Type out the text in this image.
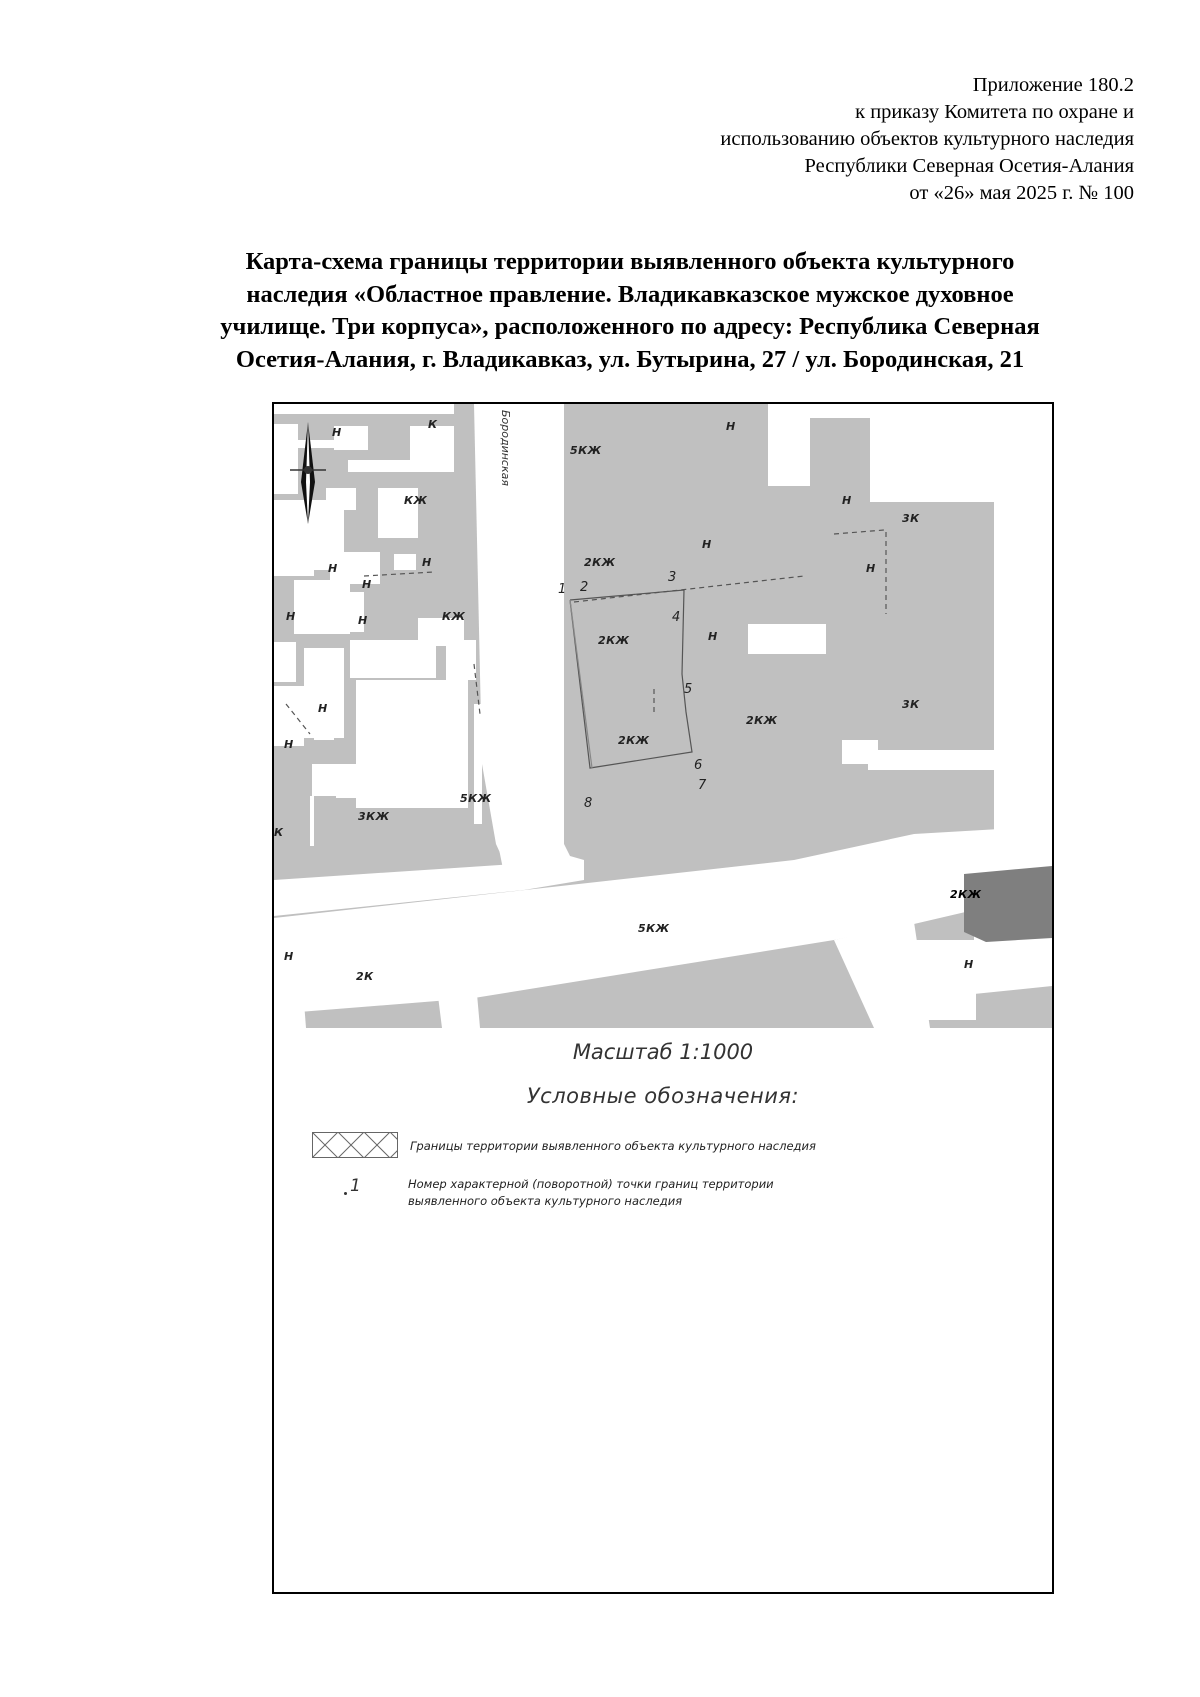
Приложение 180.2
к приказу Комитета по охране и
использованию объектов культурного наследия
Республики Северная Осетия-Алания
от «26» мая 2025 г. № 100
Карта-схема границы территории выявленного объекта культурного
наследия «Областное правление. Владикавказское мужское духовное
училище. Три корпуса», расположенного по адресу: Республика Северная
Осетия-Алания, г. Владикавказ, ул. Бутырина, 27 / ул. Бородинская, 21
Бородинская
Н
К
КЖ
Н
Н
Н
КЖ
Н	Н
Н
Н
3КЖ
5КЖ
К
5КЖ
Н
Н
3К
Н
2КЖ	Н
2КЖ	Н
3К
2КЖ
2КЖ
2КЖ
5КЖ
Н
2К
Н
1 2
3
4
5
6
7
8
Масштаб 1:1000
Условные обозначения:
Границы территории выявленного объекта культурного наследия
1	Номер характерной (поворотной) точки границ территории
выявленного объекта культурного наследия
